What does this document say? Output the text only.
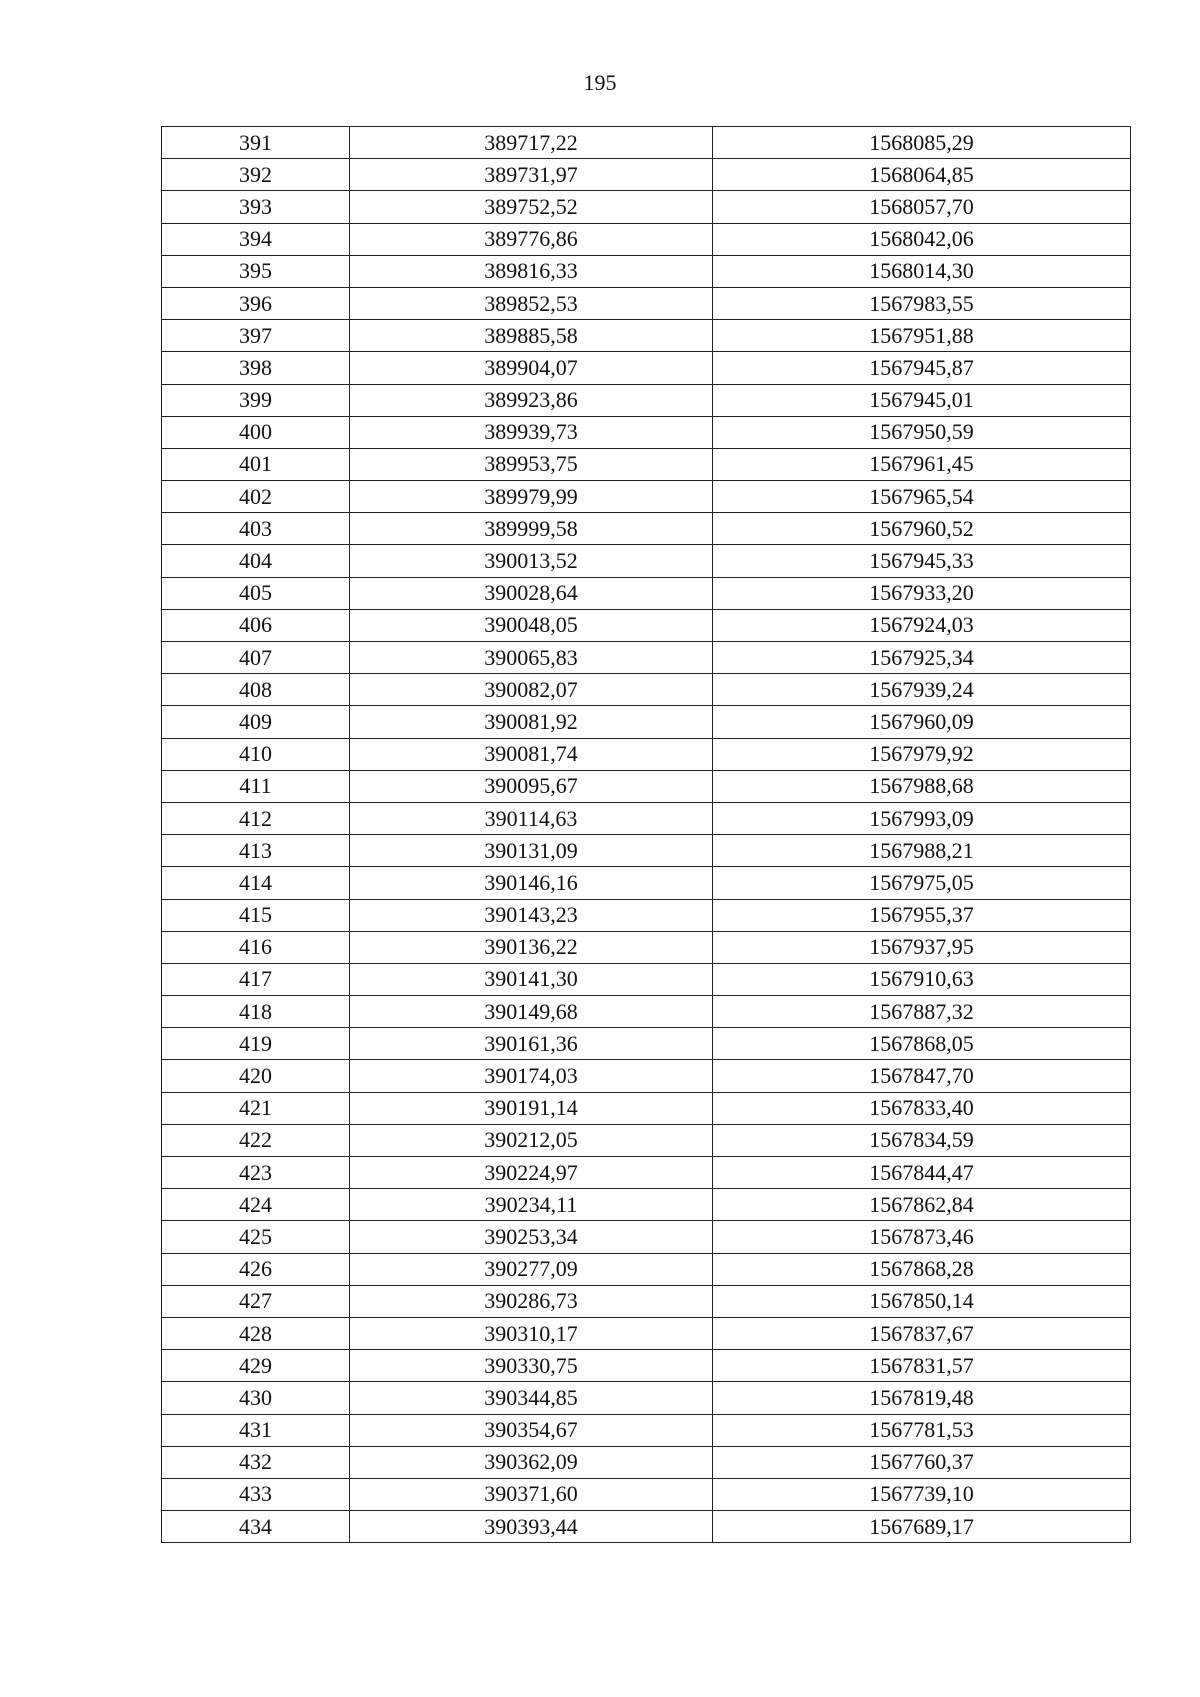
195
391	389717,22	1568085,29
392	389731,97	1568064,85
393	389752,52	1568057,70
394	389776,86	1568042,06
395	389816,33	1568014,30
396	389852,53	1567983,55
397	389885,58	1567951,88
398	389904,07	1567945,87
399	389923,86	1567945,01
400	389939,73	1567950,59
401	389953,75	1567961,45
402	389979,99	1567965,54
403	389999,58	1567960,52
404	390013,52	1567945,33
405	390028,64	1567933,20
406	390048,05	1567924,03
407	390065,83	1567925,34
408	390082,07	1567939,24
409	390081,92	1567960,09
410	390081,74	1567979,92
411	390095,67	1567988,68
412	390114,63	1567993,09
413	390131,09	1567988,21
414	390146,16	1567975,05
415	390143,23	1567955,37
416	390136,22	1567937,95
417	390141,30	1567910,63
418	390149,68	1567887,32
419	390161,36	1567868,05
420	390174,03	1567847,70
421	390191,14	1567833,40
422	390212,05	1567834,59
423	390224,97	1567844,47
424	390234,11	1567862,84
425	390253,34	1567873,46
426	390277,09	1567868,28
427	390286,73	1567850,14
428	390310,17	1567837,67
429	390330,75	1567831,57
430	390344,85	1567819,48
431	390354,67	1567781,53
432	390362,09	1567760,37
433	390371,60	1567739,10
434	390393,44	1567689,17
